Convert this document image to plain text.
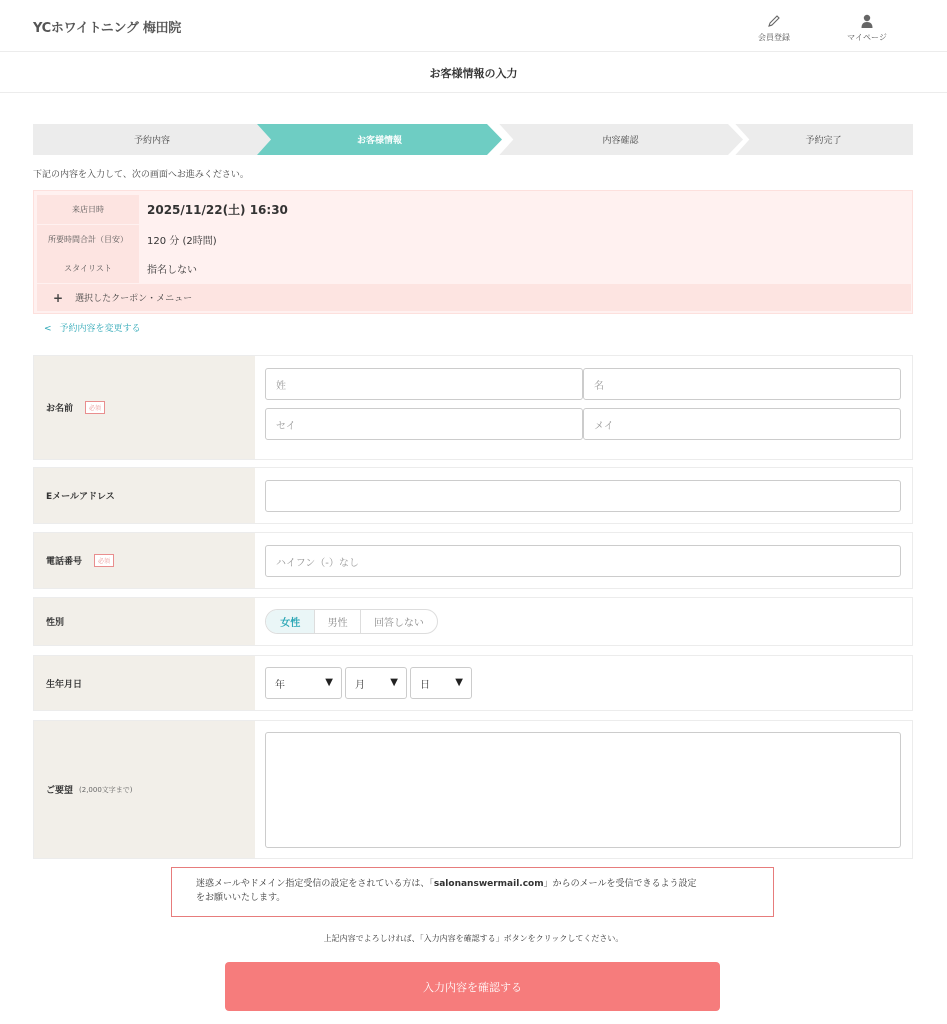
YCホワイトニング 梅田院
会員登録	マイページ
お客様情報の入力
予約内容	お客様情報	内容確認	予約完了
下記の内容を入力して、次の画面へお進みください。
来店日時	2025/11/22(土) 16:30
所要時間合計（目安）	120 分 (2時間)
スタイリスト	指名しない
+ 選択したクーポン・メニュー
< 予約内容を変更する
お名前	必須
姓	名
セイ	メイ
Eメールアドレス
電話番号	必須	ハイフン（-）なし
性別	女性	男性	回答しない
生年月日	年	▼ 月	▼ 日	▼
ご要望 (2,000文字まで)
迷惑メールやドメイン指定受信の設定をされている方は、「salonanswermail.com」からのメールを受信できるよう設定
をお願いいたします。
上記内容でよろしければ、「入力内容を確認する」ボタンをクリックしてください。
入力内容を確認する
